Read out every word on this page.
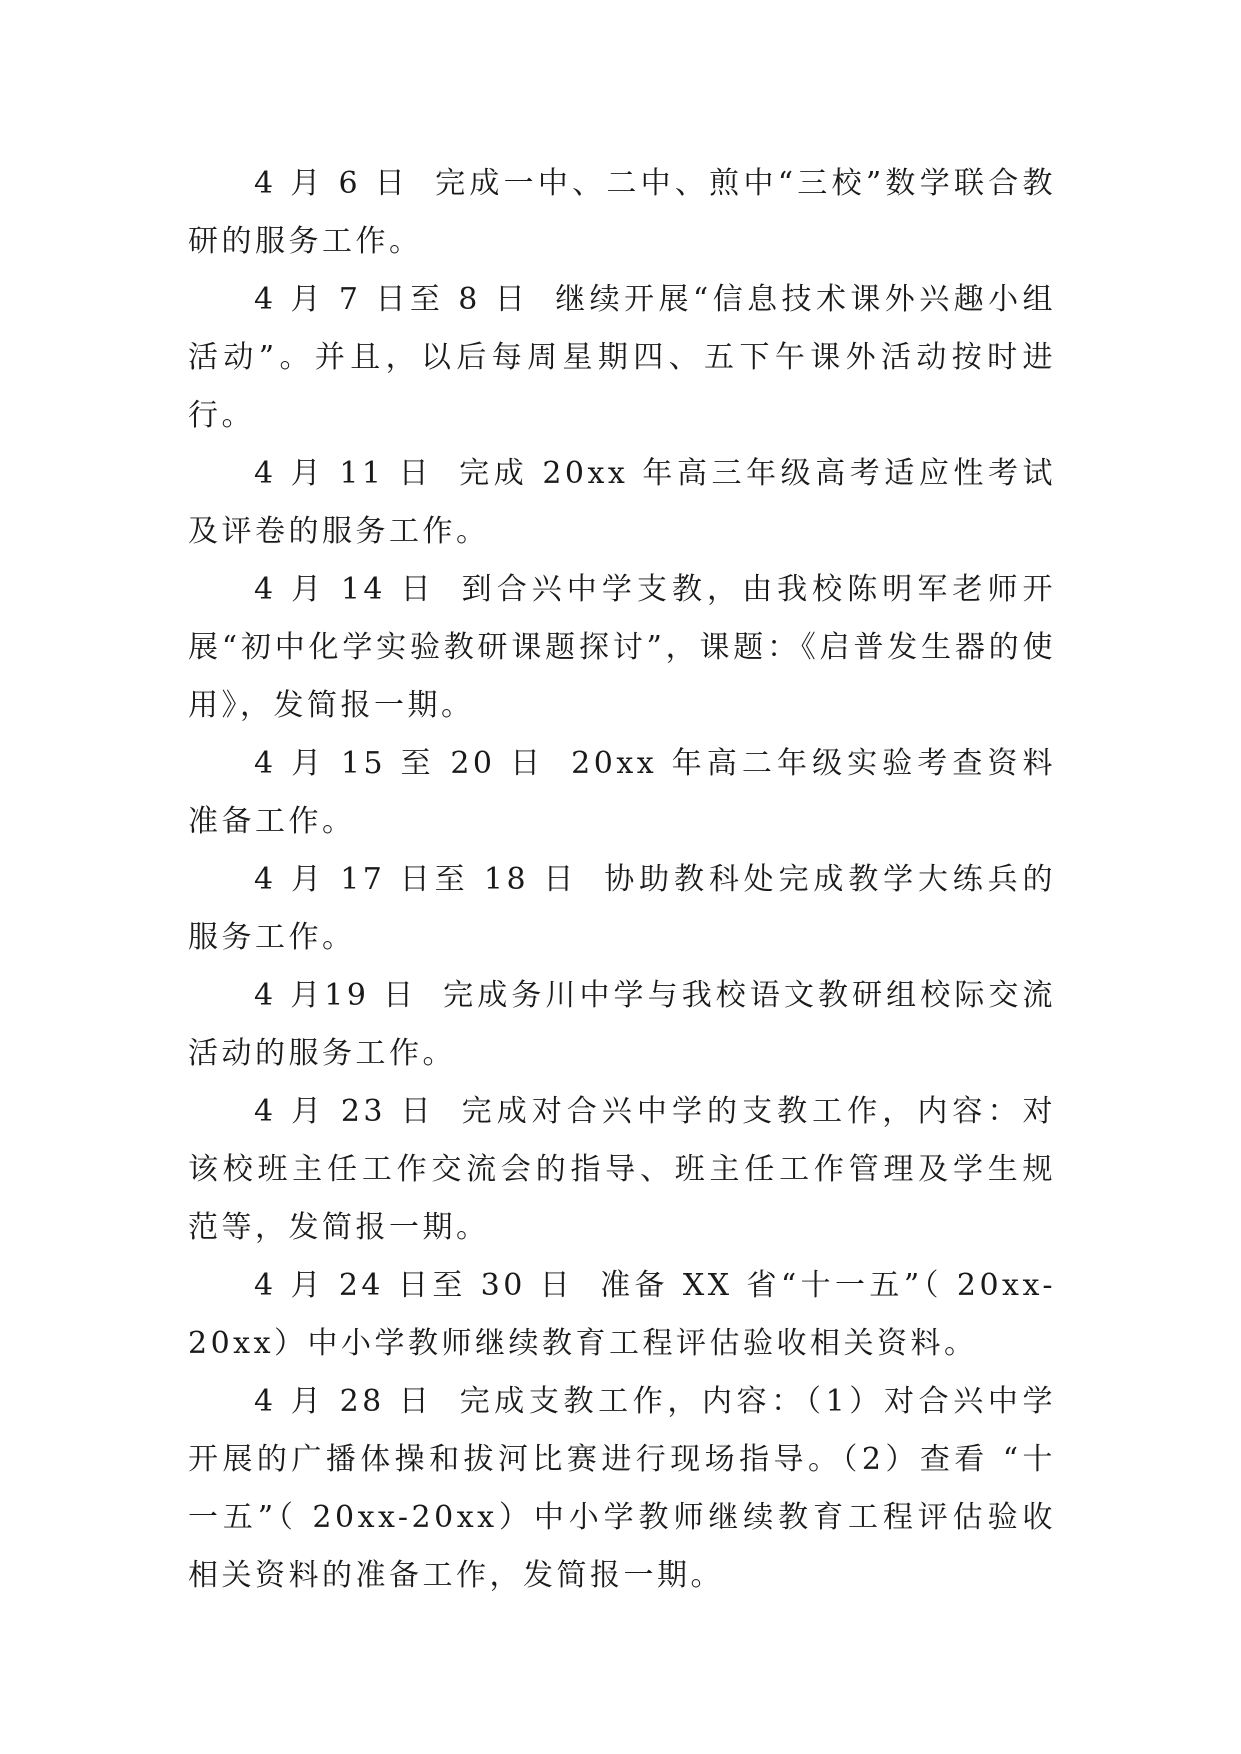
4 月 6 日 完成一中、二中、煎中“三校”数学联合教研的服务工作。

4 月 7 日至 8 日 继续开展“信息技术课外兴趣小组活动”。并且，以后每周星期四、五下午课外活动按时进行。

4 月 11 日 完成 20xx 年高三年级高考适应性考试及评卷的服务工作。

4 月 14 日 到合兴中学支教，由我校陈明军老师开展“初中化学实验教研课题探讨”，课题：《启普发生器的使用》，发简报一期。

4 月 15 至 20 日 20xx 年高二年级实验考查资料准备工作。

4 月 17 日至 18 日 协助教科处完成教学大练兵的服务工作。

4 月19 日 完成务川中学与我校语文教研组校际交流活动的服务工作。

4 月 23 日 完成对合兴中学的支教工作，内容：对该校班主任工作交流会的指导、班主任工作管理及学生规范等，发简报一期。

4 月 24 日至 30 日 准备 XX 省“十一五”（ 20xx-20xx）中小学教师继续教育工程评估验收相关资料。

4 月 28 日 完成支教工作，内容：（1）对合兴中学开展的广播体操和拔河比赛进行现场指导。（2）查看 “十一五”（ 20xx-20xx）中小学教师继续教育工程评估验收相关资料的准备工作，发简报一期。
